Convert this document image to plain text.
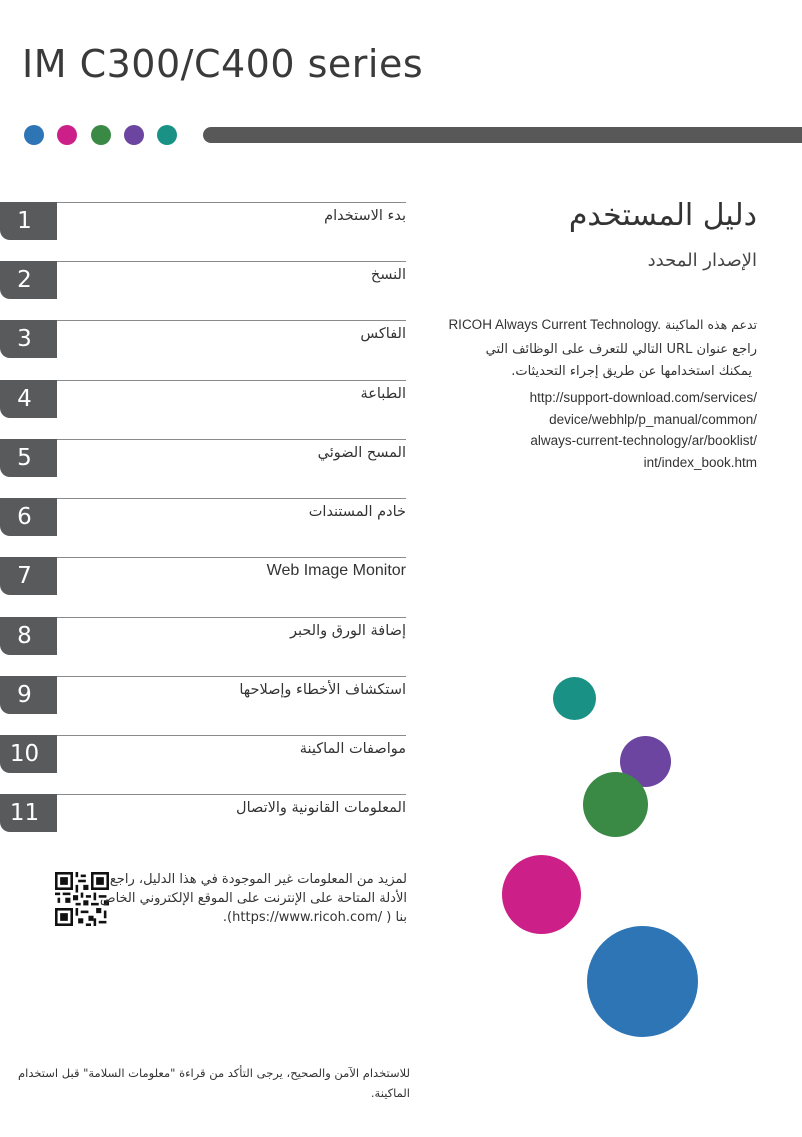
IM C300/C400 series
1	بدء الاستخدام
2	النسخ
3	الفاكس
4	الطباعة
5	المسح الضوئي
6	خادم المستندات
7	Web Image Monitor
8	إضافة الورق والحبر
9	استكشاف الأخطاء وإصلاحها
10	مواصفات الماكينة
11	المعلومات القانونية والاتصال
دليل المستخدم
الإصدار المحدد
RICOH Always Current Technology. تدعم هذه الماكينة
راجع عنوان URL التالي للتعرف على الوظائف التي
يمكنك استخدامها عن طريق إجراء التحديثات.
http://support-download.com/services/
device/webhlp/p_manual/common/
always-current-technology/ar/booklist/
int/index_book.htm
لمزيد من المعلومات غير الموجودة في هذا الدليل، راجع
الأدلة المتاحة على الإنترنت على الموقع الإلكتروني الخاص
بنا ( /https://www.ricoh.com).
للاستخدام الآمن والصحيح، يرجى التأكد من قراءة "معلومات السلامة" قبل استخدام
الماكينة.
